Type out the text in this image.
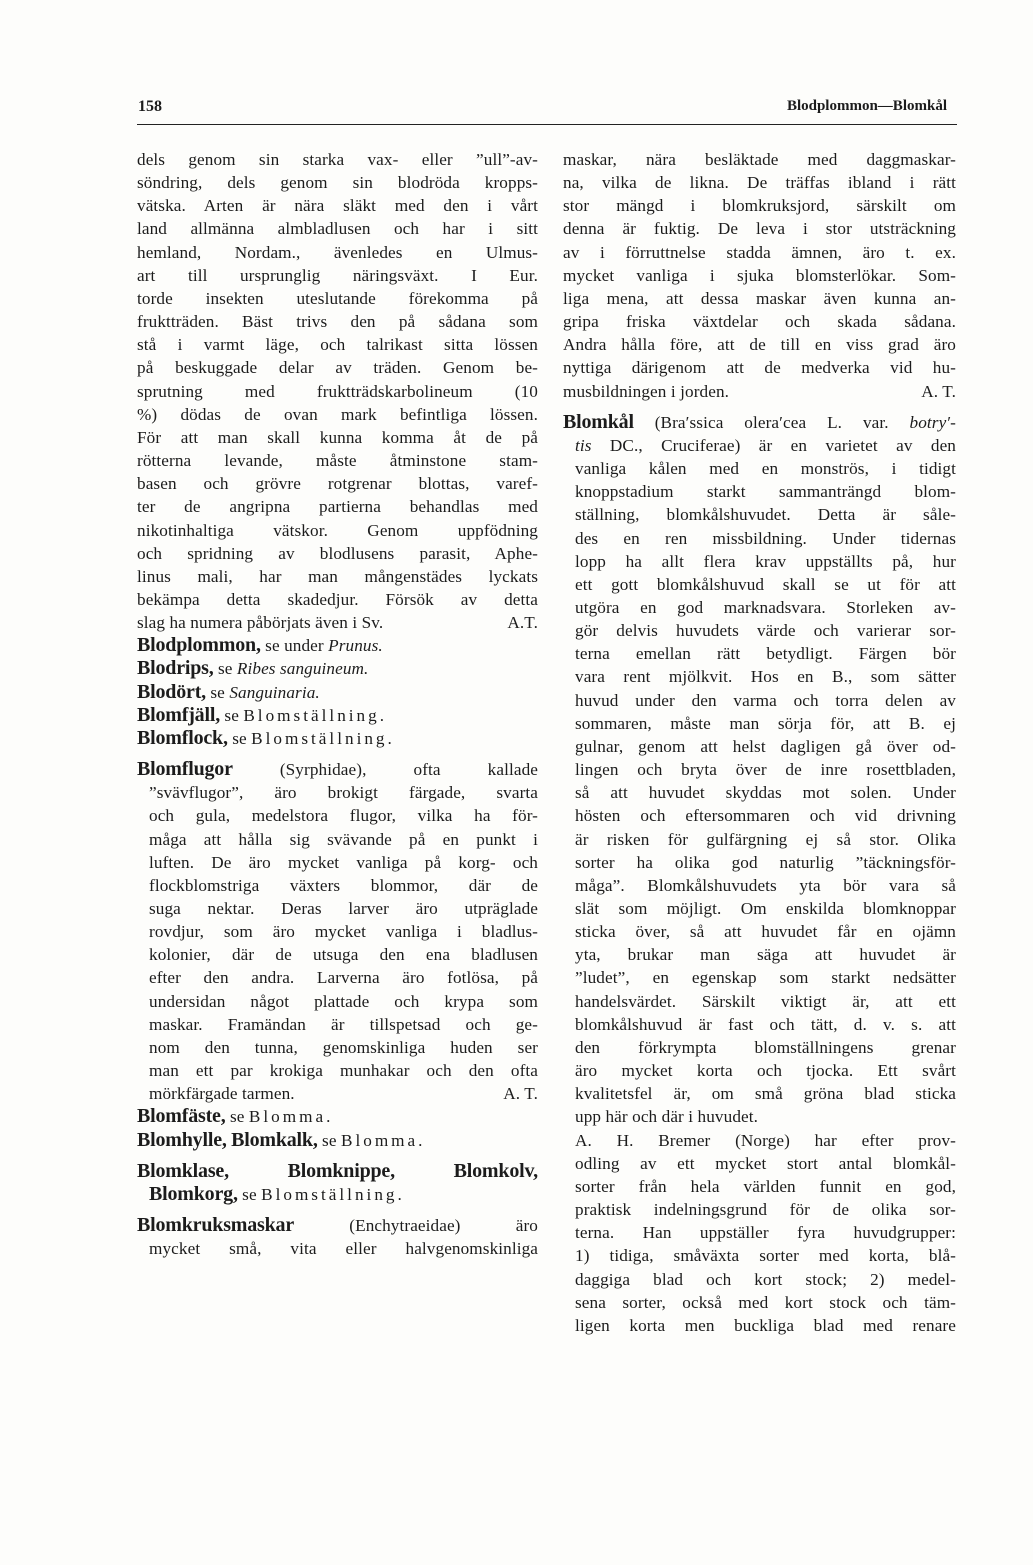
158	Blodplommon—Blomkål

dels genom sin starka vax- eller ”ull”-av-

söndring, dels genom sin blodröda kropps-

vätska. Arten är nära släkt med den i vårt

land allmänna almbladlusen och har i sitt

hemland, Nordam., ävenledes en Ulmus-

art till ursprunglig näringsväxt. I Eur.

torde insekten uteslutande förekomma på

fruktträden. Bäst trivs den på sådana som

stå i varmt läge, och talrikast sitta lössen

på beskuggade delar av träden. Genom be-

sprutning med fruktträdskarbolineum (10

%) dödas de ovan mark befintliga lössen.

För att man skall kunna komma åt de på

rötterna levande, måste åtminstone stam-

basen och grövre rotgrenar blottas, varef-

ter de angripna partierna behandlas med

nikotinhaltiga vätskor. Genom uppfödning

och spridning av blodlusens parasit, Aphe-

linus mali, har man mångenstädes lyckats

bekämpa detta skadedjur. Försök av detta

slag ha numera påbörjats även i Sv.	A.T.

Blodplommon, se under Prunus.

Blodrips, se Ribes sanguineum.

Blodört, se Sanguinaria.

Blomfjäll, se Blomställning.

Blomflock, se Blomställning.

Blomflugor	(Syrphidae), ofta kallade

”svävflugor”, äro brokigt färgade, svarta

och gula, medelstora flugor, vilka ha för-

måga att hålla sig svävande på en punkt i

luften. De äro mycket vanliga på korg- och

flockblomstriga växters blommor, där de

suga nektar. Deras larver äro utpräglade

rovdjur, som äro mycket vanliga i bladlus-

kolonier, där de utsuga den ena bladlusen

efter den andra. Larverna äro fotlösa, på

undersidan något plattade och krypa som

maskar. Framändan är tillspetsad och ge-

nom den tunna, genomskinliga huden ser

man ett par krokiga munhakar och den ofta

mörkfärgade tarmen.	A. T.

Blomfäste, se Blomma.

Blomhylle, Blomkalk, se Blomma.

Blomklase,	Blomknippe,	Blomkolv,

Blomkorg, se Blomställning.

Blomkruksmaskar	(Enchytraeidae) äro

mycket små, vita eller halvgenomskinliga

maskar, nära besläktade med daggmaskar-

na, vilka de likna. De träffas ibland i rätt

stor mängd i blomkruksjord, särskilt om

denna är fuktig. De leva i stor utsträckning

av i förruttnelse stadda ämnen, äro t. ex.

mycket vanliga i sjuka blomsterlökar. Som-

liga mena, att dessa maskar även kunna an-

gripa friska växtdelar och skada sådana.

Andra hålla före, att de till en viss grad äro

nyttiga därigenom att de medverka vid hu-

musbildningen i jorden.	A. T.

Blomkål (Bra′ssica olera′cea L. var. botry′-

tis DC., Cruciferae) är en varietet av den

vanliga kålen med en monströs, i tidigt

knoppstadium starkt sammanträngd blom-

ställning, blomkålshuvudet. Detta är såle-

des en ren missbildning. Under tidernas

lopp ha allt flera krav uppställts på, hur

ett gott blomkålshuvud skall se ut för att

utgöra en god marknadsvara. Storleken av-

gör delvis huvudets värde och varierar sor-

terna emellan rätt betydligt. Färgen bör

vara rent mjölkvit. Hos en B., som sätter

huvud under den varma och torra delen av

sommaren, måste man sörja för, att B. ej

gulnar, genom att helst dagligen gå över od-

lingen och bryta över de inre rosettbladen,

så att huvudet skyddas mot solen. Under

hösten och eftersommaren och vid drivning

är risken för gulfärgning ej så stor. Olika

sorter ha olika god naturlig ”täckningsför-

måga”. Blomkålshuvudets yta bör vara så

slät som möjligt. Om enskilda blomknoppar

sticka över, så att huvudet får en ojämn

yta, brukar man säga att huvudet är

”ludet”, en egenskap som starkt nedsätter

handelsvärdet. Särskilt viktigt är, att ett

blomkålshuvud är fast och tätt, d. v. s. att

den förkrympta blomställningens grenar

äro mycket korta och tjocka. Ett svårt

kvalitetsfel är, om små gröna blad sticka

upp här och där i huvudet.

A. H. Bremer (Norge) har efter prov-

odling av ett mycket stort antal blomkål-

sorter från hela världen funnit en god,

praktisk indelningsgrund för de olika sor-

terna. Han uppställer fyra huvudgrupper:

1) tidiga, småväxta sorter med korta, blå-

daggiga blad och kort stock; 2) medel-

sena sorter, också med kort stock och täm-

ligen korta men buckliga blad med renare
